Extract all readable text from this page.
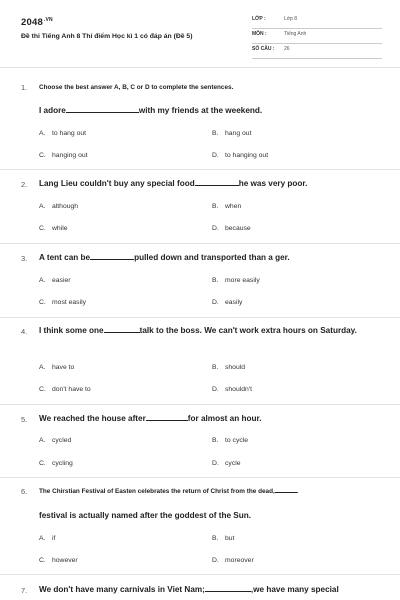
$2048^{.VN}$
Đề thi Tiếng Anh 8 Thí điểm Học kì 1 có đáp án (Đề 5)
LỚP :	Lớp 8
MÔN :	Tiếng Anh
SỐ CÂU : 26
1. Choose the best answer A, B, C or D to complete the sentences.
I adore	with my friends at the weekend.
A. to hang out	B. hang out
C. hanging out	D. to hanging out
2. Lang Lieu couldn't buy any special food	he was very poor.
A. although	B. when
C. while	D. because
3. A tent can be	pulled down and transported than a ger.
A. easier	B. more easily
C. most easily	D. easily
4. I think some one	talk to the boss. We can't work extra hours on Saturday.
A. have to	B. should
C. don't have to	D. shouldn't
5. We reached the house after	for almost an hour.
A. cycled	B. to cycle
C. cycling	D. cycle
6. The Chirstian Festival of Easten celebrates the return of Christ from the dead,	.
festival is actually named after the goddest of the Sun.
A. if	B. but
C. however	D. moreover
7. We don't have many carnivals in Viet Nam;	,we have many special
